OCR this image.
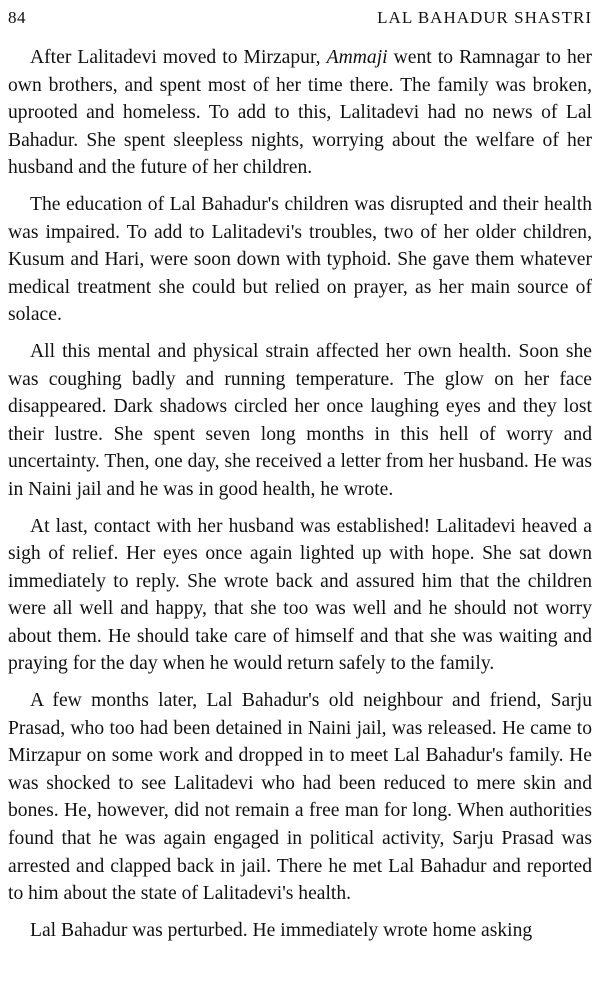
84	LAL BAHADUR SHASTRI

After Lalitadevi moved to Mirzapur, Ammaji went to Ramnagar to her own brothers, and spent most of her time there. The family was broken, uprooted and homeless. To add to this, Lalitadevi had no news of Lal Bahadur. She spent sleepless nights, worrying about the welfare of her husband and the future of her children.

The education of Lal Bahadur's children was disrupted and their health was impaired. To add to Lalitadevi's troubles, two of her older children, Kusum and Hari, were soon down with typhoid. She gave them whatever medical treatment she could but relied on prayer, as her main source of solace.

All this mental and physical strain affected her own health. Soon she was coughing badly and running temperature. The glow on her face disappeared. Dark shadows circled her once laughing eyes and they lost their lustre. She spent seven long months in this hell of worry and uncertainty. Then, one day, she received a letter from her husband. He was in Naini jail and he was in good health, he wrote.

At last, contact with her husband was established! Lalitadevi heaved a sigh of relief. Her eyes once again lighted up with hope. She sat down immediately to reply. She wrote back and assured him that the children were all well and happy, that she too was well and he should not worry about them. He should take care of himself and that she was waiting and praying for the day when he would return safely to the family.

A few months later, Lal Bahadur's old neighbour and friend, Sarju Prasad, who too had been detained in Naini jail, was released. He came to Mirzapur on some work and dropped in to meet Lal Bahadur's family. He was shocked to see Lalitadevi who had been reduced to mere skin and bones. He, however, did not remain a free man for long. When authorities found that he was again engaged in political activity, Sarju Prasad was arrested and clapped back in jail. There he met Lal Bahadur and reported to him about the state of Lalitadevi's health.

Lal Bahadur was perturbed. He immediately wrote home asking
